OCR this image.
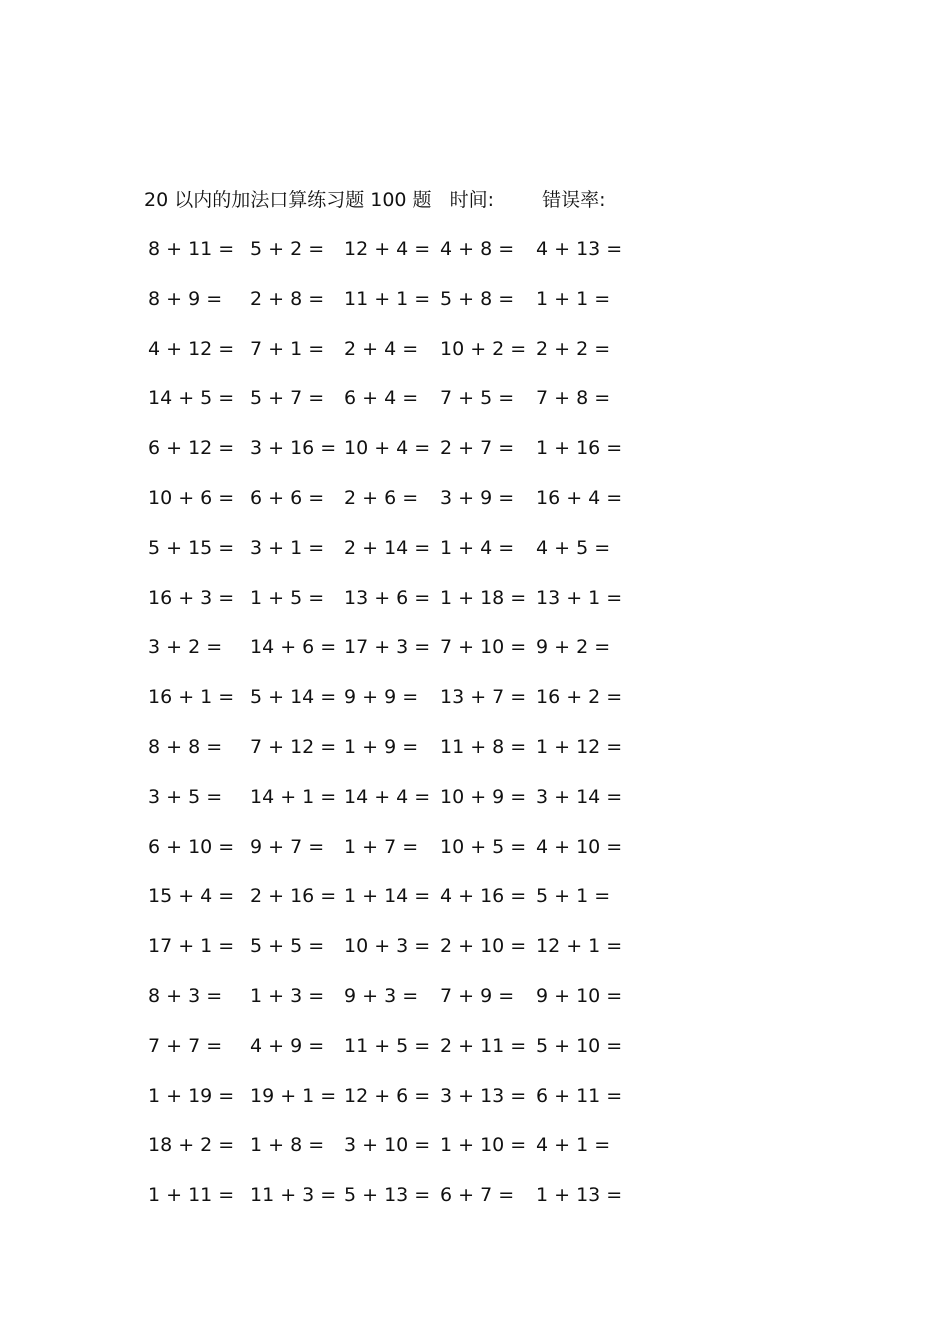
20 以内的加法口算练习题 100 题 时间:	错误率:
8 + 11 = 5 + 2 = 12 + 4 = 4 + 8 = 4 + 13 =
8 + 9 = 2 + 8 = 11 + 1 = 5 + 8 = 1 + 1 =
4 + 12 = 7 + 1 = 2 + 4 = 10 + 2 = 2 + 2 =
14 + 5 = 5 + 7 = 6 + 4 = 7 + 5 = 7 + 8 =
6 + 12 = 3 + 16 = 10 + 4 = 2 + 7 = 1 + 16 =
10 + 6 = 6 + 6 = 2 + 6 = 3 + 9 = 16 + 4 =
5 + 15 = 3 + 1 = 2 + 14 = 1 + 4 = 4 + 5 =
16 + 3 = 1 + 5 = 13 + 6 = 1 + 18 = 13 + 1 =
3 + 2 = 14 + 6 = 17 + 3 = 7 + 10 = 9 + 2 =
16 + 1 = 5 + 14 = 9 + 9 = 13 + 7 = 16 + 2 =
8 + 8 = 7 + 12 = 1 + 9 = 11 + 8 = 1 + 12 =
3 + 5 = 14 + 1 = 14 + 4 = 10 + 9 = 3 + 14 =
6 + 10 = 9 + 7 = 1 + 7 = 10 + 5 = 4 + 10 =
15 + 4 = 2 + 16 = 1 + 14 = 4 + 16 = 5 + 1 =
17 + 1 = 5 + 5 = 10 + 3 = 2 + 10 = 12 + 1 =
8 + 3 = 1 + 3 = 9 + 3 = 7 + 9 = 9 + 10 =
7 + 7 = 4 + 9 = 11 + 5 = 2 + 11 = 5 + 10 =
1 + 19 = 19 + 1 = 12 + 6 = 3 + 13 = 6 + 11 =
18 + 2 = 1 + 8 = 3 + 10 = 1 + 10 = 4 + 1 =
1 + 11 = 11 + 3 = 5 + 13 = 6 + 7 = 1 + 13 =
